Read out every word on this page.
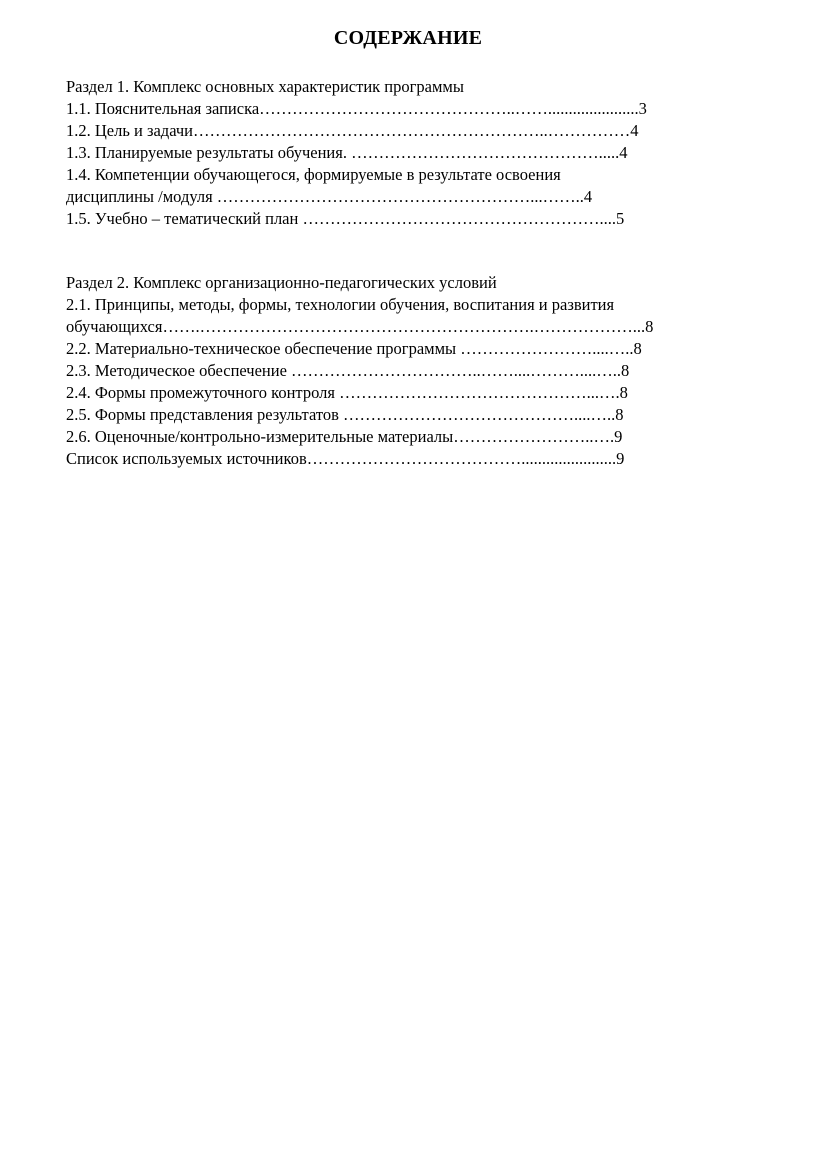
СОДЕРЖАНИЕ
Раздел 1. Комплекс основных характеристик программы
1.1. Пояснительная записка………………………………………..……......................3
1.2. Цель и задачи………………………………………………………..……………4
1.3. Планируемые результаты обучения. ……………………………………….....4
1.4. Компетенции обучающегося, формируемые в результате освоения
дисциплины /модуля …………………………………………………...……..4
1.5. Учебно – тематический план ………………………………………………....5
Раздел 2. Комплекс организационно-педагогических условий
2.1. Принципы, методы, формы, технологии обучения, воспитания и развития
обучающихся…….…………………………………………………….………………...8
2.2. Материально-техническое обеспечение программы ……………………....…..8
2.3. Методическое обеспечение ……………………………..……....………....…..8
2.4. Формы промежуточного контроля ………………………………………...….8
2.5. Формы представления результатов ……………………………………....…..8
2.6. Оценочные/контрольно-измерительные материалы……………………..….9
Список используемых источников………………………………….......................9
